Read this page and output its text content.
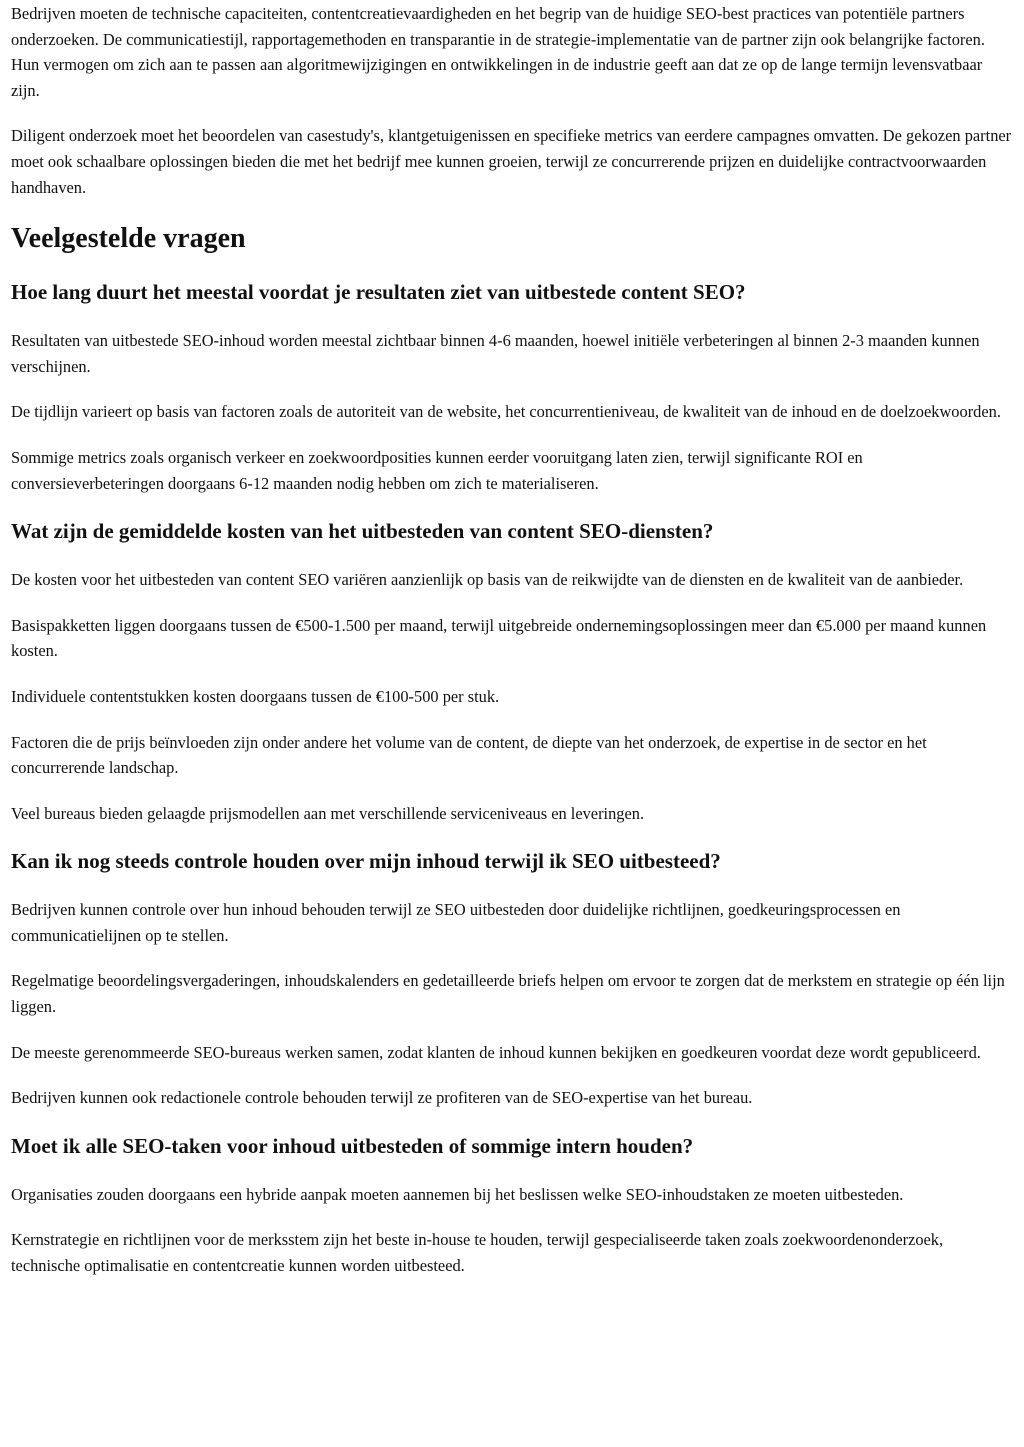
Bedrijven moeten de technische capaciteiten, contentcreatievaardigheden en het begrip van de huidige SEO-best practices van potentiële partners onderzoeken. De communicatiestijl, rapportagemethoden en transparantie in de strategie-implementatie van de partner zijn ook belangrijke factoren. Hun vermogen om zich aan te passen aan algoritmewijzigingen en ontwikkelingen in de industrie geeft aan dat ze op de lange termijn levensvatbaar zijn.

Diligent onderzoek moet het beoordelen van casestudy's, klantgetuigenissen en specifieke metrics van eerdere campagnes omvatten. De gekozen partner moet ook schaalbare oplossingen bieden die met het bedrijf mee kunnen groeien, terwijl ze concurrerende prijzen en duidelijke contractvoorwaarden handhaven.

Veelgestelde vragen
Hoe lang duurt het meestal voordat je resultaten ziet van uitbestede content SEO?

Resultaten van uitbestede SEO-inhoud worden meestal zichtbaar binnen 4-6 maanden, hoewel initiële verbeteringen al binnen 2-3 maanden kunnen verschijnen.

De tijdlijn varieert op basis van factoren zoals de autoriteit van de website, het concurrentieniveau, de kwaliteit van de inhoud en de doelzoekwoorden.

Sommige metrics zoals organisch verkeer en zoekwoordposities kunnen eerder vooruitgang laten zien, terwijl significante ROI en conversieverbeteringen doorgaans 6-12 maanden nodig hebben om zich te materialiseren.

Wat zijn de gemiddelde kosten van het uitbesteden van content SEO-diensten?

De kosten voor het uitbesteden van content SEO variëren aanzienlijk op basis van de reikwijdte van de diensten en de kwaliteit van de aanbieder.

Basispakketten liggen doorgaans tussen de €500-1.500 per maand, terwijl uitgebreide ondernemingsoplossingen meer dan €5.000 per maand kunnen kosten.

Individuele contentstukken kosten doorgaans tussen de €100-500 per stuk.

Factoren die de prijs beïnvloeden zijn onder andere het volume van de content, de diepte van het onderzoek, de expertise in de sector en het concurrerende landschap.

Veel bureaus bieden gelaagde prijsmodellen aan met verschillende serviceniveaus en leveringen.

Kan ik nog steeds controle houden over mijn inhoud terwijl ik SEO uitbesteed?

Bedrijven kunnen controle over hun inhoud behouden terwijl ze SEO uitbesteden door duidelijke richtlijnen, goedkeuringsprocessen en communicatielijnen op te stellen.

Regelmatige beoordelingsvergaderingen, inhoudskalenders en gedetailleerde briefs helpen om ervoor te zorgen dat de merkstem en strategie op één lijn liggen.

De meeste gerenommeerde SEO-bureaus werken samen, zodat klanten de inhoud kunnen bekijken en goedkeuren voordat deze wordt gepubliceerd.

Bedrijven kunnen ook redactionele controle behouden terwijl ze profiteren van de SEO-expertise van het bureau.

Moet ik alle SEO-taken voor inhoud uitbesteden of sommige intern houden?

Organisaties zouden doorgaans een hybride aanpak moeten aannemen bij het beslissen welke SEO-inhoudstaken ze moeten uitbesteden.

Kernstrategie en richtlijnen voor de merksstem zijn het beste in-house te houden, terwijl gespecialiseerde taken zoals zoekwoordenonderzoek, technische optimalisatie en contentcreatie kunnen worden uitbesteed.
